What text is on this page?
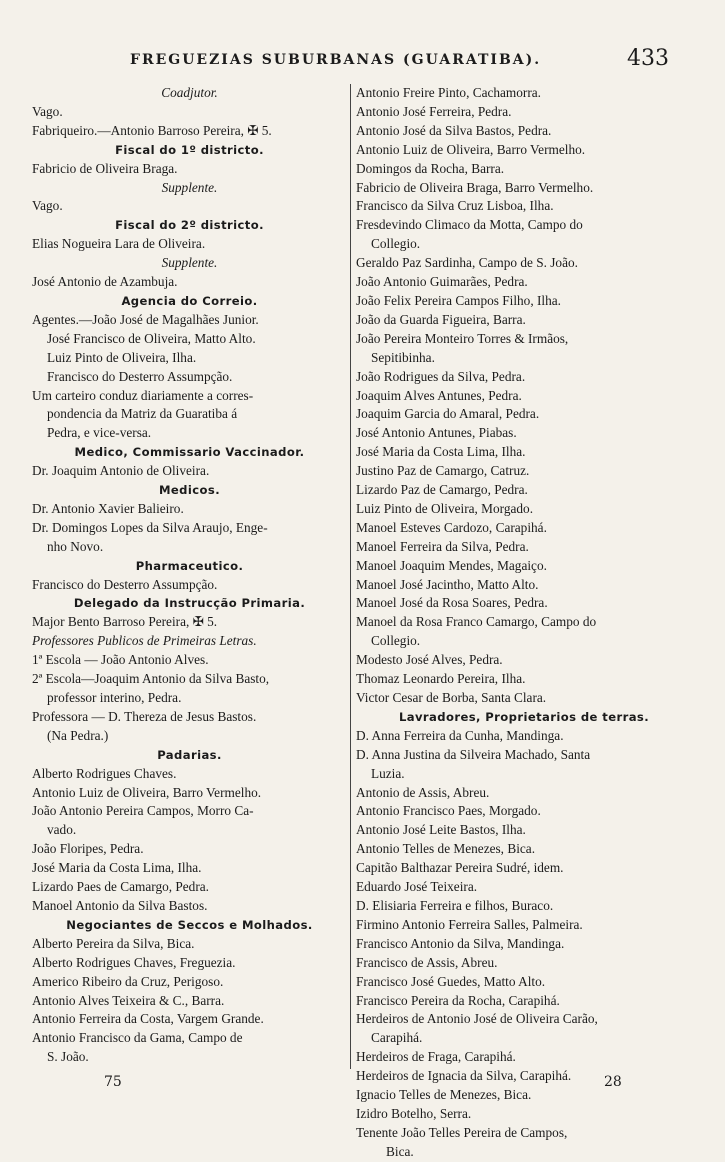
FREGUEZIAS SUBURBANAS (GUARATIBA).	433
Coadjutor.
Vago.
Fabriqueiro.—Antonio Barroso Pereira, ✠ 5.
Fiscal do 1º districto.
Fabricio de Oliveira Braga.
Supplente.
Vago.
Fiscal do 2º districto.
Elias Nogueira Lara de Oliveira.
Supplente.
José Antonio de Azambuja.
Agencia do Correio.
Agentes.—João José de Magalhães Junior.
José Francisco de Oliveira, Matto Alto.
Luiz Pinto de Oliveira, Ilha.
Francisco do Desterro Assumpção.
Um carteiro conduz diariamente a corres-
pondencia da Matriz da Guaratiba á
Pedra, e vice-versa.
Medico, Commissario Vaccinador.
Dr. Joaquim Antonio de Oliveira.
Medicos.
Dr. Antonio Xavier Balieiro.
Dr. Domingos Lopes da Silva Araujo, Enge-
nho Novo.
Pharmaceutico.
Francisco do Desterro Assumpção.
Delegado da Instrucção Primaria.
Major Bento Barroso Pereira, ✠ 5.
Professores Publicos de Primeiras Letras.
1ª Escola — João Antonio Alves.
2ª Escola—Joaquim Antonio da Silva Basto,
professor interino, Pedra.
Professora — D. Thereza de Jesus Bastos.
(Na Pedra.)
Padarias.
Alberto Rodrigues Chaves.
Antonio Luiz de Oliveira, Barro Vermelho.
João Antonio Pereira Campos, Morro Ca-
vado.
João Floripes, Pedra.
José Maria da Costa Lima, Ilha.
Lizardo Paes de Camargo, Pedra.
Manoel Antonio da Silva Bastos.
Negociantes de Seccos e Molhados.
Alberto Pereira da Silva, Bica.
Alberto Rodrigues Chaves, Freguezia.
Americo Ribeiro da Cruz, Perigoso.
Antonio Alves Teixeira & C., Barra.
Antonio Ferreira da Costa, Vargem Grande.
Antonio Francisco da Gama, Campo de
S. João.
Antonio Freire Pinto, Cachamorra.
Antonio José Ferreira, Pedra.
Antonio José da Silva Bastos, Pedra.
Antonio Luiz de Oliveira, Barro Vermelho.
Domingos da Rocha, Barra.
Fabricio de Oliveira Braga, Barro Vermelho.
Francisco da Silva Cruz Lisboa, Ilha.
Fresdevindo Climaco da Motta, Campo do
Collegio.
Geraldo Paz Sardinha, Campo de S. João.
João Antonio Guimarães, Pedra.
João Felix Pereira Campos Filho, Ilha.
João da Guarda Figueira, Barra.
João Pereira Monteiro Torres & Irmãos,
Sepitibinha.
João Rodrigues da Silva, Pedra.
Joaquim Alves Antunes, Pedra.
Joaquim Garcia do Amaral, Pedra.
José Antonio Antunes, Piabas.
José Maria da Costa Lima, Ilha.
Justino Paz de Camargo, Catruz.
Lizardo Paz de Camargo, Pedra.
Luiz Pinto de Oliveira, Morgado.
Manoel Esteves Cardozo, Carapihá.
Manoel Ferreira da Silva, Pedra.
Manoel Joaquim Mendes, Magaiço.
Manoel José Jacintho, Matto Alto.
Manoel José da Rosa Soares, Pedra.
Manoel da Rosa Franco Camargo, Campo do
Collegio.
Modesto José Alves, Pedra.
Thomaz Leonardo Pereira, Ilha.
Victor Cesar de Borba, Santa Clara.
Lavradores, Proprietarios de terras.
D. Anna Ferreira da Cunha, Mandinga.
D. Anna Justina da Silveira Machado, Santa
Luzia.
Antonio de Assis, Abreu.
Antonio Francisco Paes, Morgado.
Antonio José Leite Bastos, Ilha.
Antonio Telles de Menezes, Bica.
Capitão Balthazar Pereira Sudré, idem.
Eduardo José Teixeira.
D. Elisiaria Ferreira e filhos, Buraco.
Firmino Antonio Ferreira Salles, Palmeira.
Francisco Antonio da Silva, Mandinga.
Francisco de Assis, Abreu.
Francisco José Guedes, Matto Alto.
Francisco Pereira da Rocha, Carapihá.
Herdeiros de Antonio José de Oliveira Carão,
Carapihá.
Herdeiros de Fraga, Carapihá.
Herdeiros de Ignacia da Silva, Carapihá.
Ignacio Telles de Menezes, Bica.
Izidro Botelho, Serra.
Tenente João Telles Pereira de Campos,
Bica.
75	28
